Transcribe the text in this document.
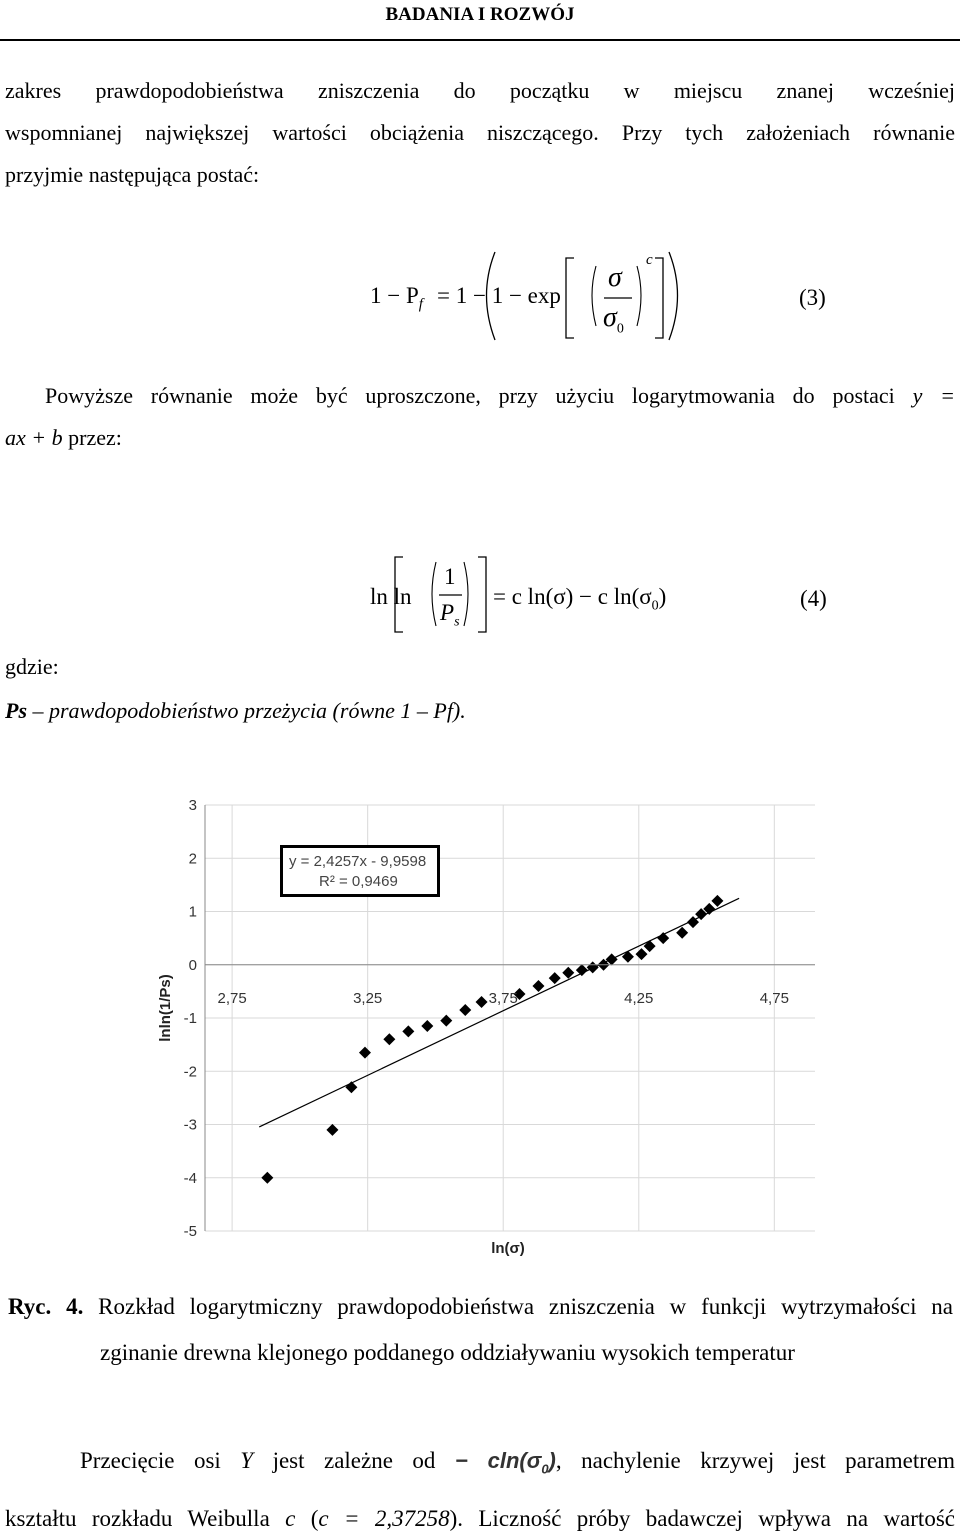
BADANIA I ROZWÓJ
zakres prawdopodobieństwa zniszczenia do początku w miejscu znanej wcześniej
wspomnianej największej wartości obciążenia niszczącego. Przy tych założeniach równanie
przyjmie następująca postać:
$1 - P_f = 1 - 1 - \exp$
σ
$\sigma_0$
c
(3)
Powyższe równanie może być uproszczone, przy użyciu logarytmowania do postaci y =
ax + b przez:
ln ln
1
$P_s$
= c ln(σ) − c $\ln(\sigma_0)$	(4)
gdzie:
Ps – prawdopodobieństwo przeżycia (równe 1 – Pf).
3
2
1
0
-1
-2
-3
-4
-5
2,75	3,25	3,75	4,25	4,75
lnln(1/Ps)
ln(σ)
y = 2,4257x - 9,9598
R² = 0,9469
Ryc. 4. Rozkład logarytmiczny prawdopodobieństwa zniszczenia w funkcji wytrzymałości na
zginanie drewna klejonego poddanego oddziaływaniu wysokich temperatur
Przecięcie osi Y jest zależne od − $cln(\sigma_0)$, nachylenie krzywej jest parametrem
kształtu rozkładu Weibulla c (c = 2,37258). Liczność próby badawczej wpływa na wartość
